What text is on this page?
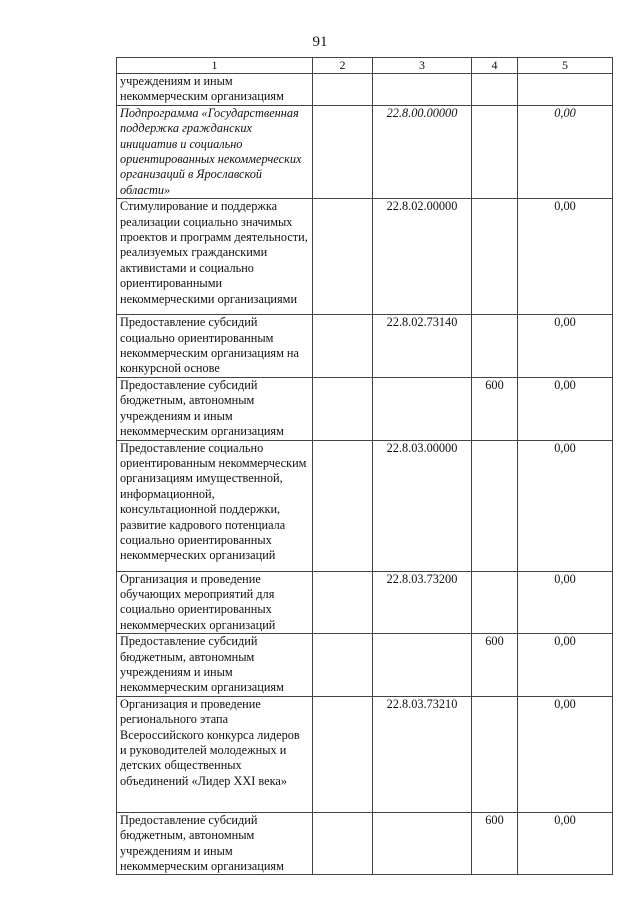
91
1	2	3	4	5
учреждениям и иным некоммерческим организациям				
Подпрограмма «Государственная поддержка гражданских инициатив и социально ориентированных некоммерческих организаций в Ярославской области»		22.8.00.00000		0,00
Стимулирование и поддержка реализации социально значимых проектов и программ деятельности, реализуемых гражданскими активистами и социально ориентированными некоммерческими организациями		22.8.02.00000		0,00
Предоставление субсидий социально ориентированным некоммерческим организациям на конкурсной основе		22.8.02.73140		0,00
Предоставление субсидий бюджетным, автономным учреждениям и иным некоммерческим организациям			600	0,00
Предоставление социально ориентированным некоммерческим организациям имущественной, информационной, консультационной поддержки, развитие кадрового потенциала социально ориентированных некоммерческих организаций		22.8.03.00000		0,00
Организация и проведение обучающих мероприятий для социально ориентированных некоммерческих организаций		22.8.03.73200		0,00
Предоставление субсидий бюджетным, автономным учреждениям и иным некоммерческим организациям			600	0,00
Организация и проведение регионального этапа Всероссийского конкурса лидеров и руководителей молодежных и детских общественных объединений «Лидер XXI века»		22.8.03.73210		0,00
Предоставление субсидий бюджетным, автономным учреждениям и иным некоммерческим организациям			600	0,00
